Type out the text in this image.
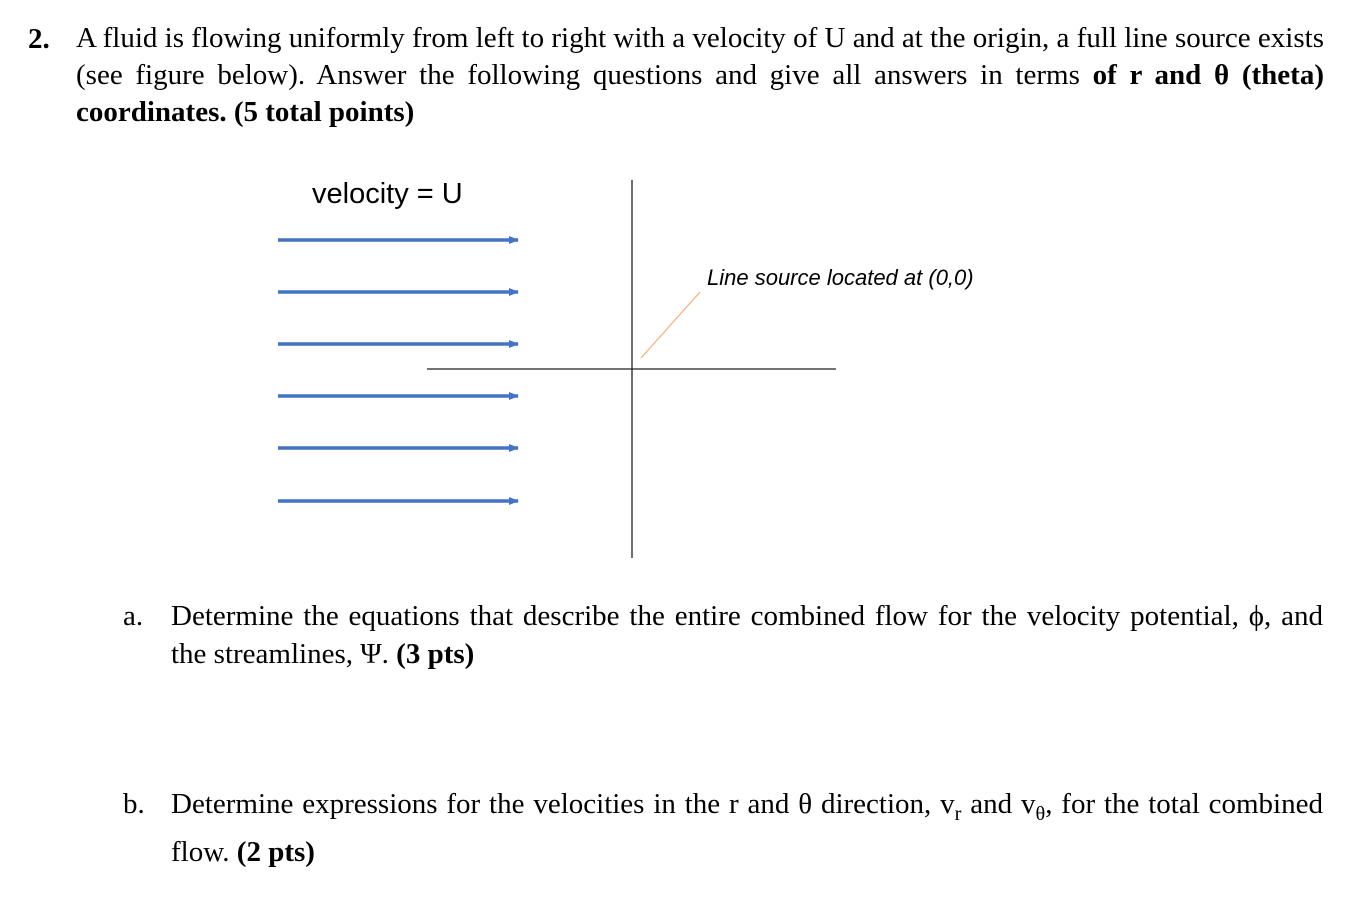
2. A fluid is flowing uniformly from left to right with a velocity of U and at the origin, a full line source exists (see figure below). Answer the following questions and give all answers in terms of r and θ (theta) coordinates. (5 total points)
velocity = U
Line source located at (0,0)
a. Determine the equations that describe the entire combined flow for the velocity potential, ϕ, and the streamlines, Ψ. (3 pts)
b. Determine expressions for the velocities in the r and θ direction, $v_r$ and $v_\theta$, for the total combined flow. (2 pts)
